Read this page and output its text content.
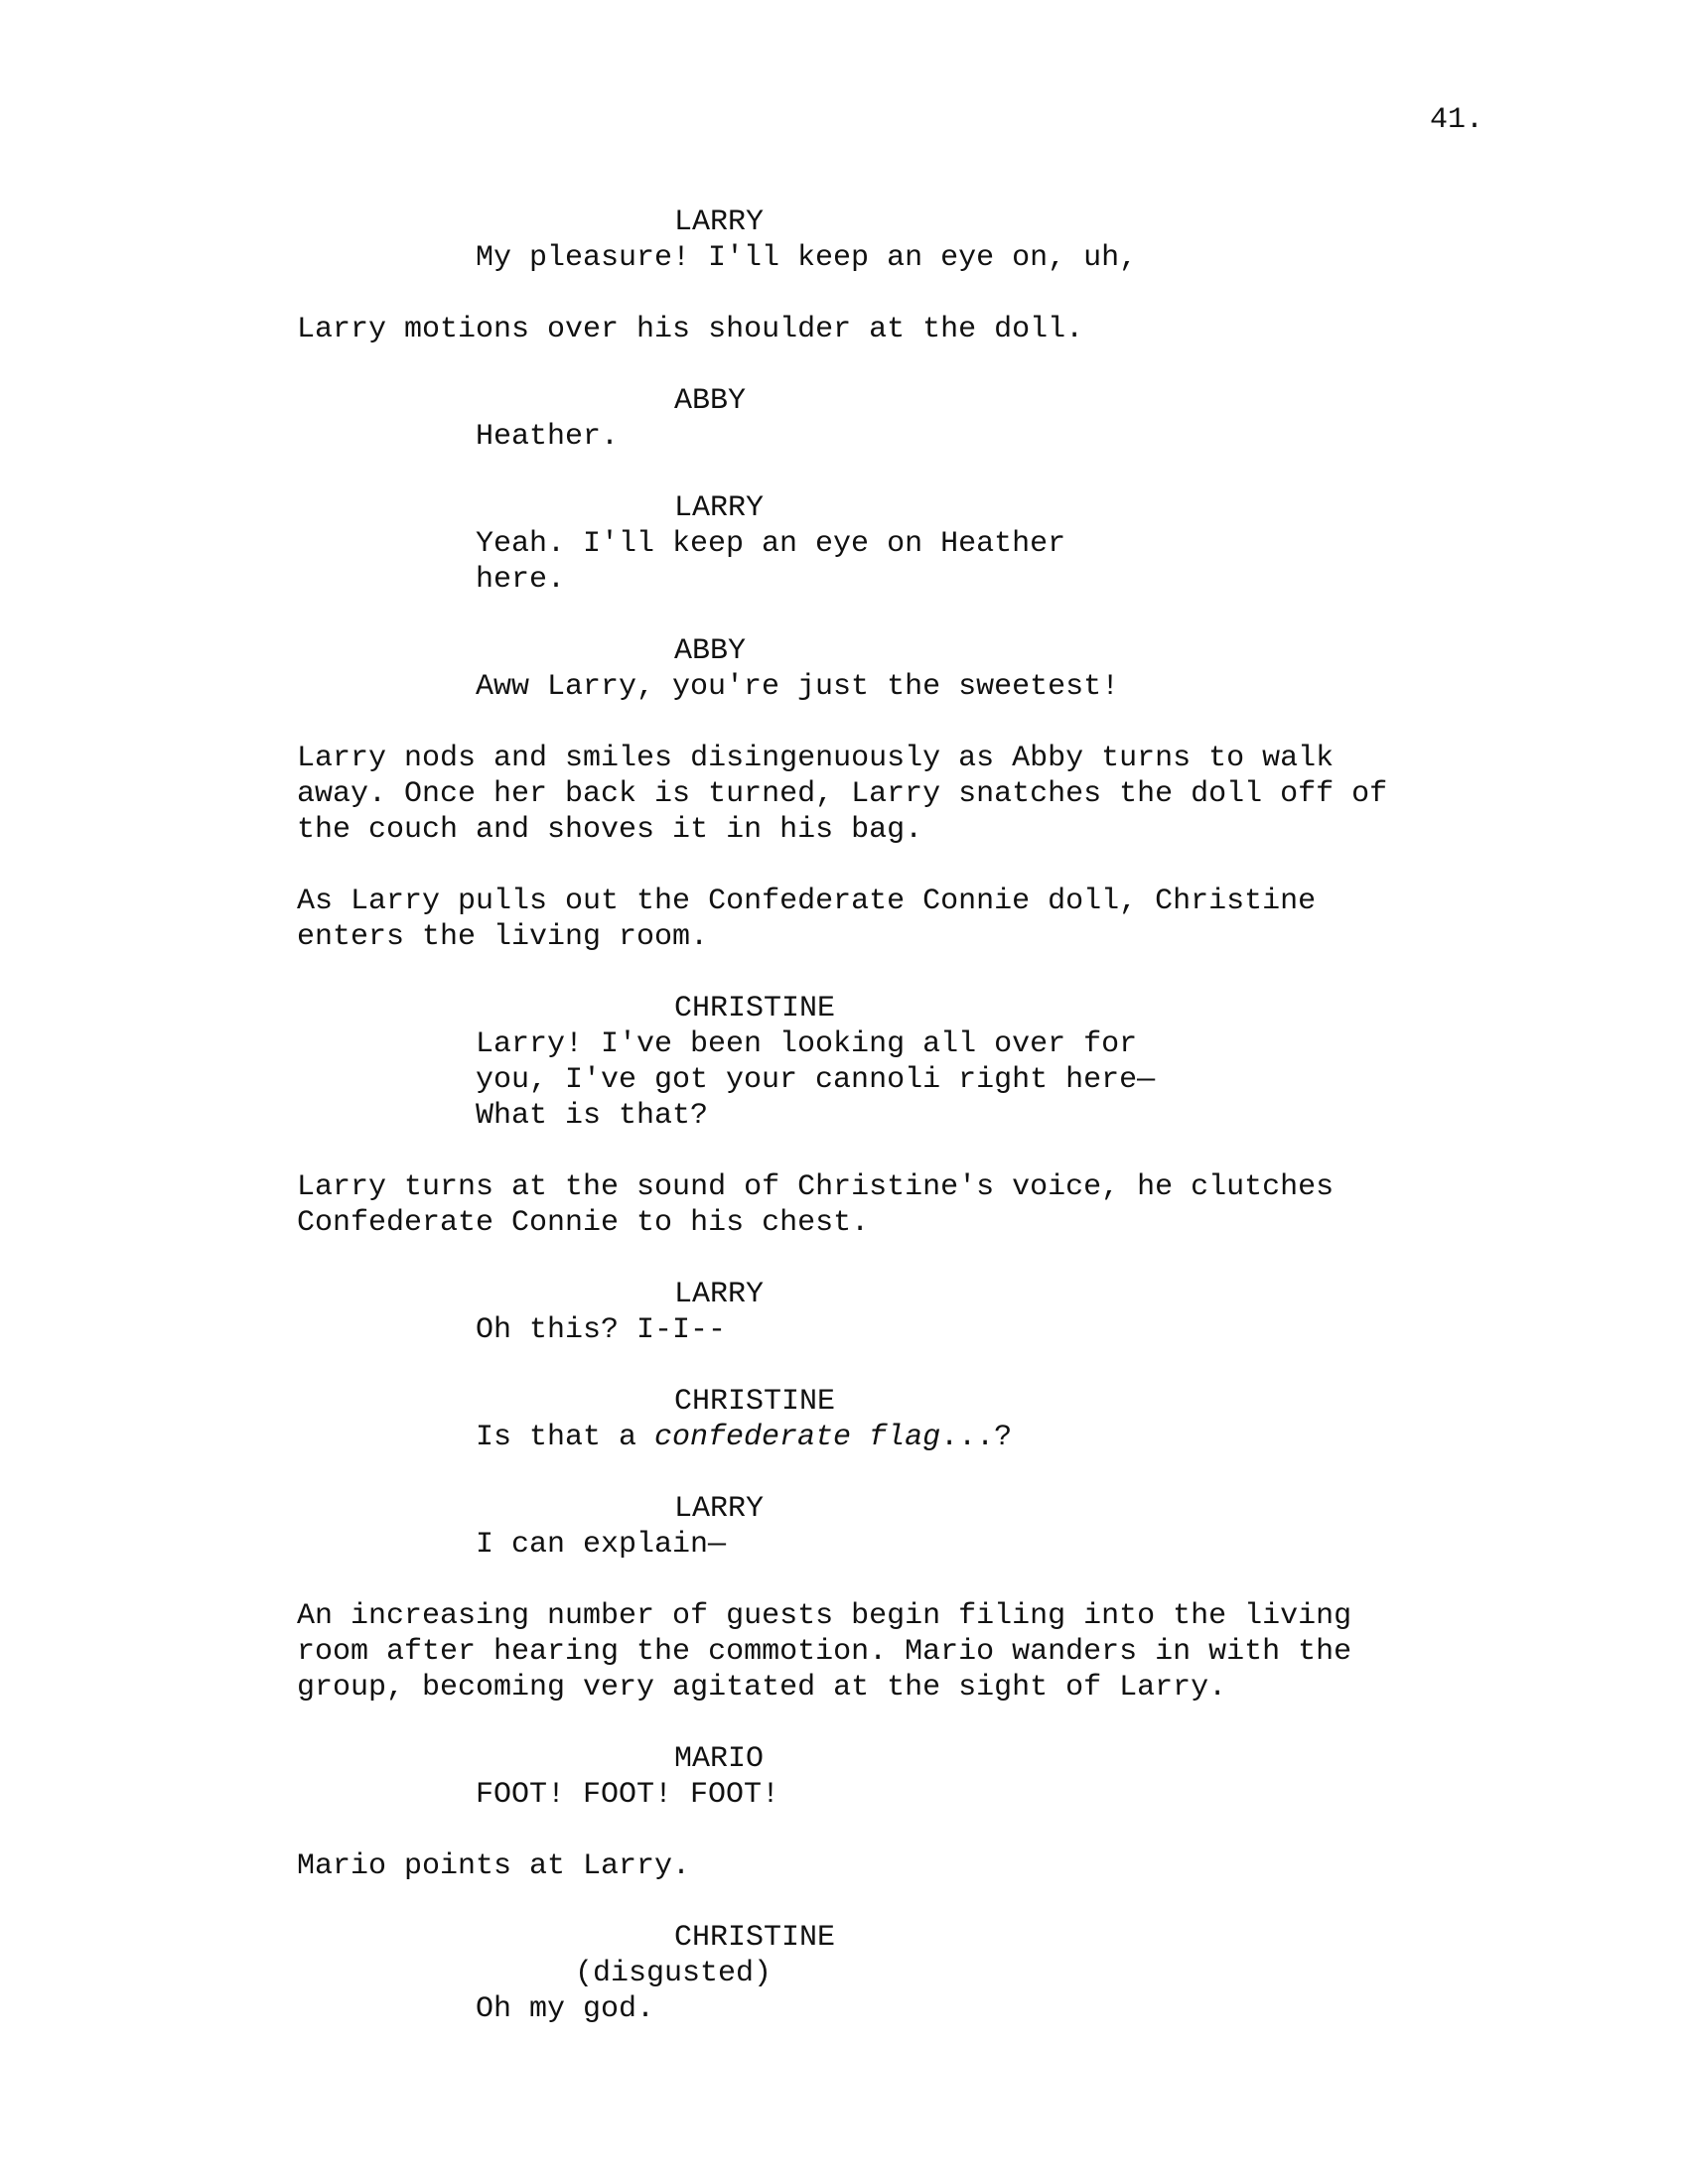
41.
LARRY
My pleasure! I'll keep an eye on, uh,
Larry motions over his shoulder at the doll.
ABBY
Heather.
LARRY
Yeah. I'll keep an eye on Heather
here.
ABBY
Aww Larry, you're just the sweetest!
Larry nods and smiles disingenuously as Abby turns to walk
away. Once her back is turned, Larry snatches the doll off of
the couch and shoves it in his bag.
As Larry pulls out the Confederate Connie doll, Christine
enters the living room.
CHRISTINE
Larry! I've been looking all over for
you, I've got your cannoli right here—
What is that?
Larry turns at the sound of Christine's voice, he clutches
Confederate Connie to his chest.
LARRY
Oh this? I-I--
CHRISTINE
Is that a confederate flag...?
LARRY
I can explain—
An increasing number of guests begin filing into the living
room after hearing the commotion. Mario wanders in with the
group, becoming very agitated at the sight of Larry.
MARIO
FOOT! FOOT! FOOT!
Mario points at Larry.
CHRISTINE
(disgusted)
Oh my god.
